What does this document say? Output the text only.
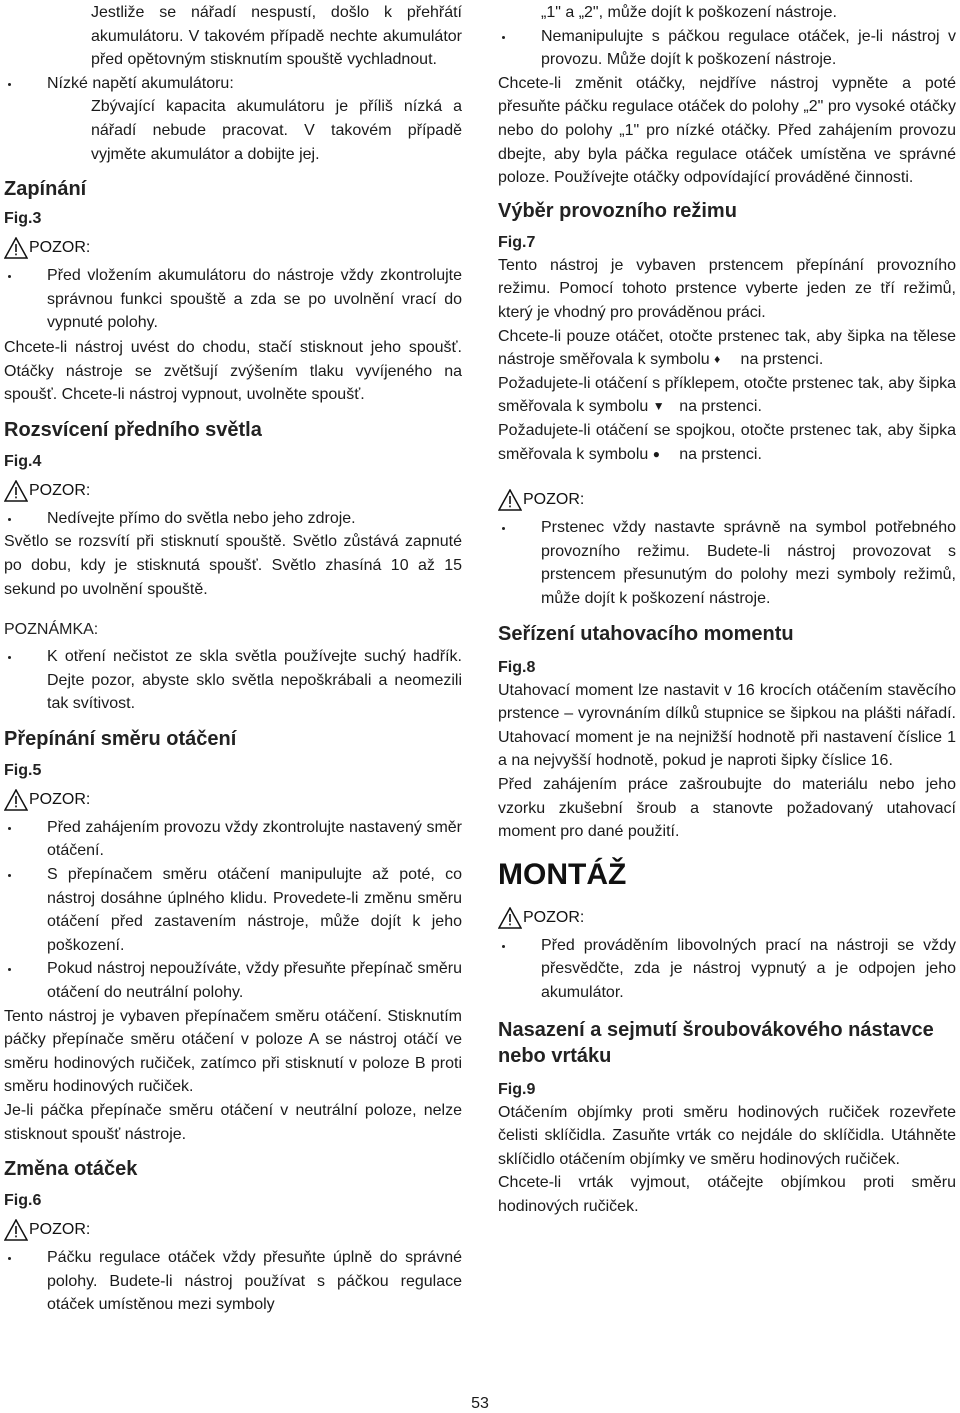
Jestliže se nářadí nespustí, došlo k přehřátí akumulátoru. V takovém případě nechte akumulátor před opětovným stisknutím spouště vychladnout.

Nízké napětí akumulátoru:

Zbývající kapacita akumulátoru je příliš nízká a nářadí nebude pracovat. V takovém případě vyjměte akumulátor a dobijte jej.

Zapínání

Fig.3

POZOR:

Před vložením akumulátoru do nástroje vždy zkontrolujte správnou funkci spouště a zda se po uvolnění vrací do vypnuté polohy.

Chcete-li nástroj uvést do chodu, stačí stisknout jeho spoušť. Otáčky nástroje se zvětšují zvýšením tlaku vyvíjeného na spoušť. Chcete-li nástroj vypnout, uvolněte spoušť.

Rozsvícení předního světla

Fig.4

POZOR:

Nedívejte přímo do světla nebo jeho zdroje.

Světlo se rozsvítí při stisknutí spouště. Světlo zůstává zapnuté po dobu, kdy je stisknutá spoušť. Světlo zhasíná 10 až 15 sekund po uvolnění spouště.

POZNÁMKA:

K otření nečistot ze skla světla používejte suchý hadřík. Dejte pozor, abyste sklo světla nepoškrábali a neomezili tak svítivost.

Přepínání směru otáčení

Fig.5

POZOR:

Před zahájením provozu vždy zkontrolujte nastavený směr otáčení.

S přepínačem směru otáčení manipulujte až poté, co nástroj dosáhne úplného klidu. Provedete-li změnu směru otáčení před zastavením nástroje, může dojít k jeho poškození.

Pokud nástroj nepoužíváte, vždy přesuňte přepínač směru otáčení do neutrální polohy.

Tento nástroj je vybaven přepínačem směru otáčení. Stisknutím páčky přepínače směru otáčení v poloze A se nástroj otáčí ve směru hodinových ručiček, zatímco při stisknutí v poloze B proti směru hodinových ručiček.

Je-li páčka přepínače směru otáčení v neutrální poloze, nelze stisknout spoušť nástroje.

Změna otáček

Fig.6

POZOR:

Páčku regulace otáček vždy přesuňte úplně do správné polohy. Budete-li nástroj používat s páčkou regulace otáček umístěnou mezi symboly

„1" a „2", může dojít k poškození nástroje.

Nemanipulujte s páčkou regulace otáček, je-li nástroj v provozu. Může dojít k poškození nástroje.

Chcete-li změnit otáčky, nejdříve nástroj vypněte a poté přesuňte páčku regulace otáček do polohy „2" pro vysoké otáčky nebo do polohy „1" pro nízké otáčky. Před zahájením provozu dbejte, aby byla páčka regulace otáček umístěna ve správné poloze. Používejte otáčky odpovídající prováděné činnosti.

Výběr provozního režimu

Fig.7

Tento nástroj je vybaven prstencem přepínání provozního režimu. Pomocí tohoto prstence vyberte jeden ze tří režimů, který je vhodný pro prováděnou práci.

Chcete-li pouze otáčet, otočte prstenec tak, aby šipka na tělese nástroje směřovala k symbolu ♦ na prstenci.

Požadujete-li otáčení s příklepem, otočte prstenec tak, aby šipka směřovala k symbolu ▼ na prstenci.

Požadujete-li otáčení se spojkou, otočte prstenec tak, aby šipka směřovala k symbolu ● na prstenci.

POZOR:

Prstenec vždy nastavte správně na symbol potřebného provozního režimu. Budete-li nástroj provozovat s prstencem přesunutým do polohy mezi symboly režimů, může dojít k poškození nástroje.

Seřízení utahovacího momentu

Fig.8

Utahovací moment lze nastavit v 16 krocích otáčením stavěcího prstence – vyrovnáním dílků stupnice se šipkou na plášti nářadí. Utahovací moment je na nejnižší hodnotě při nastavení číslice 1 a na nejvyšší hodnotě, pokud je naproti šipky číslice 16.

Před zahájením práce zašroubujte do materiálu nebo jeho vzorku zkušební šroub a stanovte požadovaný utahovací moment pro dané použití.

MONTÁŽ

POZOR:

Před prováděním libovolných prací na nástroji se vždy přesvědčte, zda je nástroj vypnutý a je odpojen jeho akumulátor.

Nasazení a sejmutí šroubovákového nástavce nebo vrtáku

Fig.9

Otáčením objímky proti směru hodinových ručiček rozevřete čelisti sklíčidla. Zasuňte vrták co nejdále do sklíčidla. Utáhněte sklíčidlo otáčením objímky ve směru hodinových ručiček.

Chcete-li vrták vyjmout, otáčejte objímkou proti směru hodinových ručiček.

53
